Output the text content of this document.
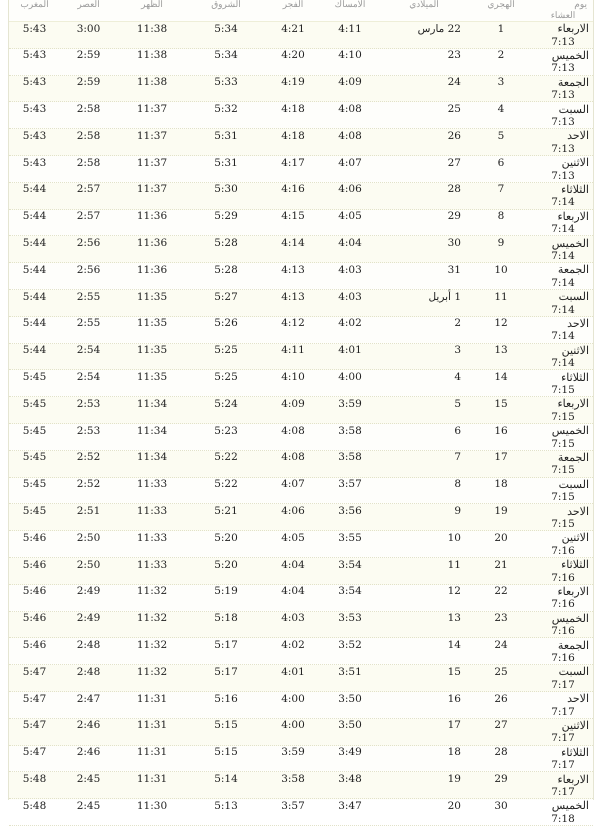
يوم
الهجري
الميلادي
الامساك
الفجر
الشروق
الظهر
العصر
المغرب
العشاء
الاربعاء
1
22 مارس
4:11
4:21
5:34
11:38
3:00
5:43
7:13
الخميس
2
23
4:10
4:20
5:34
11:38
2:59
5:43
7:13
الجمعة
3
24
4:09
4:19
5:33
11:38
2:59
5:43
7:13
السبت
4
25
4:08
4:18
5:32
11:37
2:58
5:43
7:13
الاحد
5
26
4:08
4:18
5:31
11:37
2:58
5:43
7:13
الاثنين
6
27
4:07
4:17
5:31
11:37
2:58
5:43
7:13
الثلاثاء
7
28
4:06
4:16
5:30
11:37
2:57
5:44
7:14
الاربعاء
8
29
4:05
4:15
5:29
11:36
2:57
5:44
7:14
الخميس
9
30
4:04
4:14
5:28
11:36
2:56
5:44
7:14
الجمعة
10
31
4:03
4:13
5:28
11:36
2:56
5:44
7:14
السبت
11
1 أبريل
4:03
4:13
5:27
11:35
2:55
5:44
7:14
الاحد
12
2
4:02
4:12
5:26
11:35
2:55
5:44
7:14
الاثنين
13
3
4:01
4:11
5:25
11:35
2:54
5:44
7:14
الثلاثاء
14
4
4:00
4:10
5:25
11:35
2:54
5:45
7:15
الاربعاء
15
5
3:59
4:09
5:24
11:34
2:53
5:45
7:15
الخميس
16
6
3:58
4:08
5:23
11:34
2:53
5:45
7:15
الجمعة
17
7
3:58
4:08
5:22
11:34
2:52
5:45
7:15
السبت
18
8
3:57
4:07
5:22
11:33
2:52
5:45
7:15
الاحد
19
9
3:56
4:06
5:21
11:33
2:51
5:45
7:15
الاثنين
20
10
3:55
4:05
5:20
11:33
2:50
5:46
7:16
الثلاثاء
21
11
3:54
4:04
5:20
11:33
2:50
5:46
7:16
الاربعاء
22
12
3:54
4:04
5:19
11:32
2:49
5:46
7:16
الخميس
23
13
3:53
4:03
5:18
11:32
2:49
5:46
7:16
الجمعة
24
14
3:52
4:02
5:17
11:32
2:48
5:46
7:16
السبت
25
15
3:51
4:01
5:17
11:32
2:48
5:47
7:17
الاحد
26
16
3:50
4:00
5:16
11:31
2:47
5:47
7:17
الاثنين
27
17
3:50
4:00
5:15
11:31
2:46
5:47
7:17
الثلاثاء
28
18
3:49
3:59
5:15
11:31
2:46
5:47
7:17
الاربعاء
29
19
3:48
3:58
5:14
11:31
2:45
5:48
7:17
الخميس
30
20
3:47
3:57
5:13
11:30
2:45
5:48
7:18
